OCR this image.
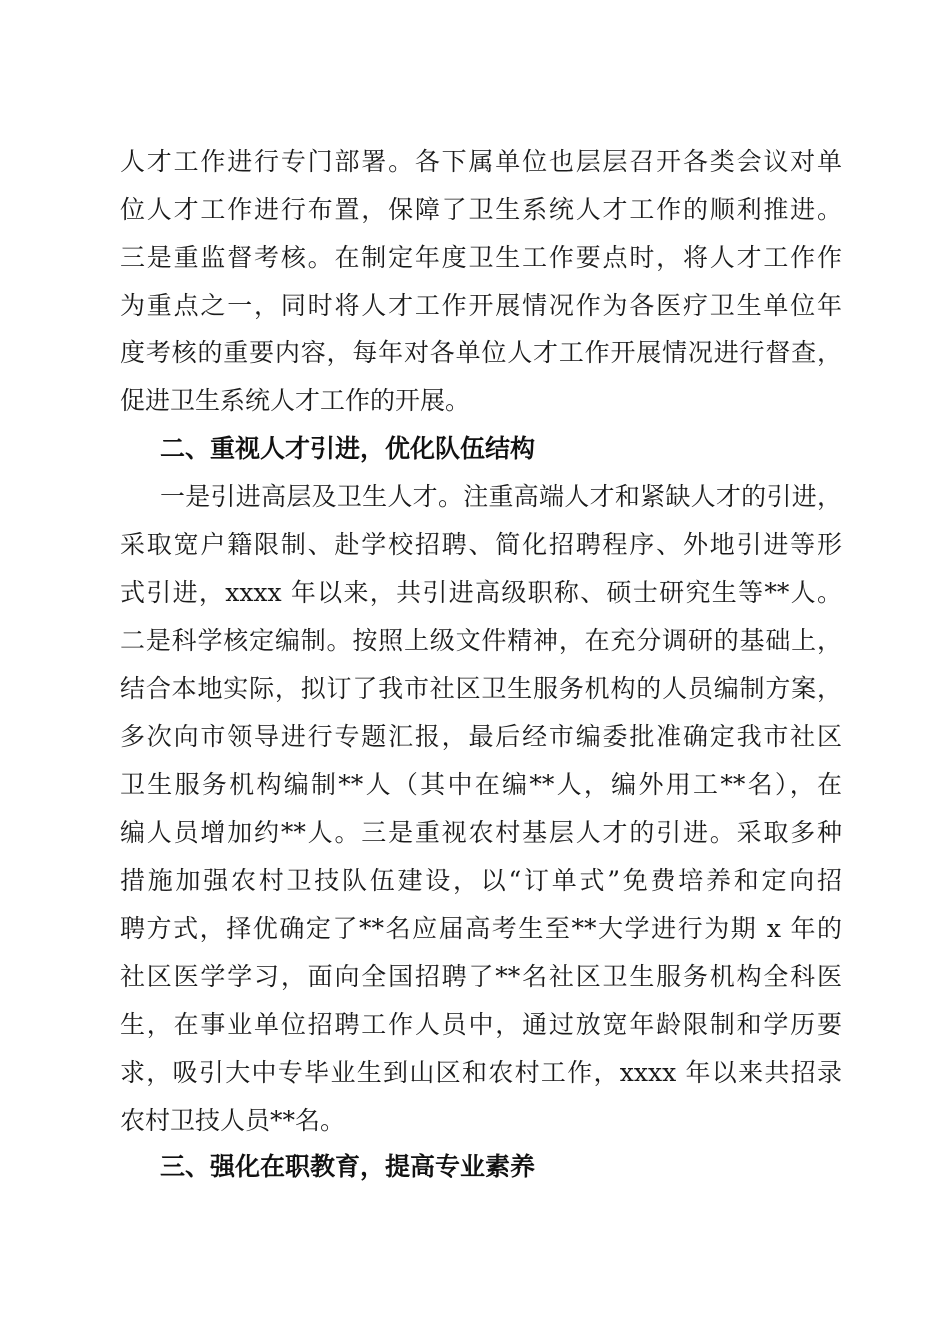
人才工作进行专门部署。各下属单位也层层召开各类会议对单
位人才工作进行布置，保障了卫生系统人才工作的顺利推进。
三是重监督考核。在制定年度卫生工作要点时，将人才工作作
为重点之一，同时将人才工作开展情况作为各医疗卫生单位年
度考核的重要内容，每年对各单位人才工作开展情况进行督查，
促进卫生系统人才工作的开展。
二、重视人才引进，优化队伍结构
一是引进高层及卫生人才。注重高端人才和紧缺人才的引进，
采取宽户籍限制、赴学校招聘、简化招聘程序、外地引进等形
式引进，xxxx 年以来，共引进高级职称、硕士研究生等**人。
二是科学核定编制。按照上级文件精神，在充分调研的基础上，
结合本地实际，拟订了我市社区卫生服务机构的人员编制方案，
多次向市领导进行专题汇报，最后经市编委批准确定我市社区
卫生服务机构编制**人（其中在编**人，编外用工**名），在
编人员增加约**人。三是重视农村基层人才的引进。采取多种
措施加强农村卫技队伍建设，以“订单式”免费培养和定向招
聘方式，择优确定了**名应届高考生至**大学进行为期 x 年的
社区医学学习，面向全国招聘了**名社区卫生服务机构全科医
生，在事业单位招聘工作人员中，通过放宽年龄限制和学历要
求，吸引大中专毕业生到山区和农村工作，xxxx 年以来共招录
农村卫技人员**名。
三、强化在职教育，提高专业素养
